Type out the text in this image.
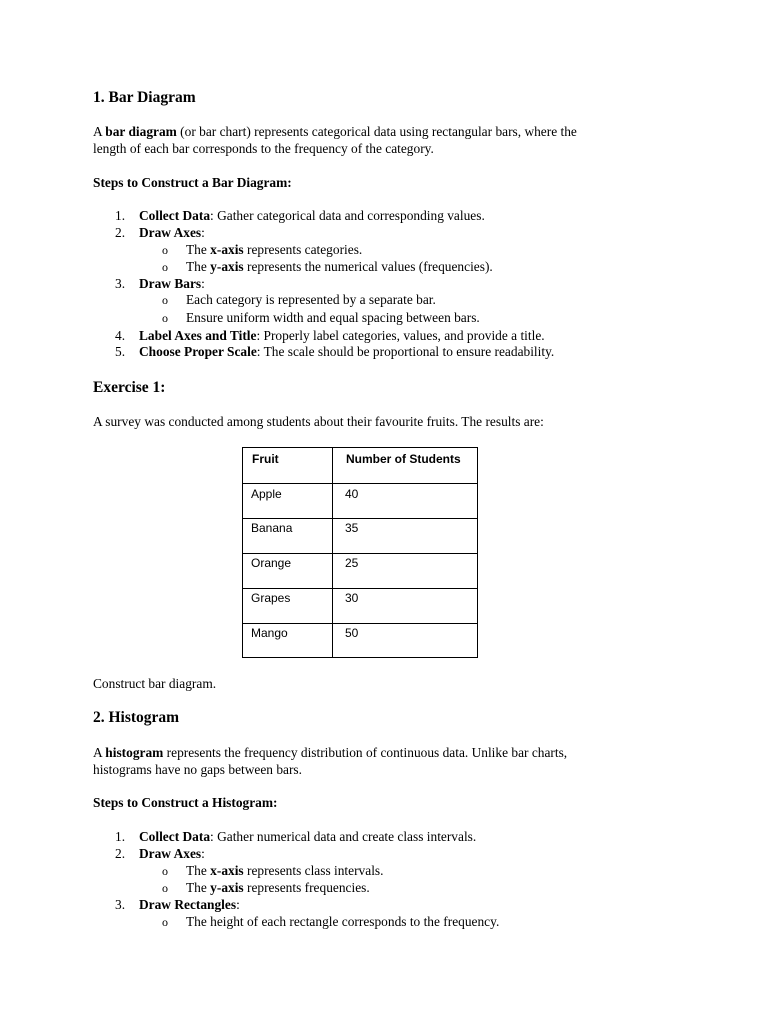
1. Bar Diagram
A bar diagram (or bar chart) represents categorical data using rectangular bars, where the
length of each bar corresponds to the frequency of the category.
Steps to Construct a Bar Diagram:
1. Collect Data: Gather categorical data and corresponding values.
2. Draw Axes:
o The x-axis represents categories.
o The y-axis represents the numerical values (frequencies).
3. Draw Bars:
o Each category is represented by a separate bar.
o Ensure uniform width and equal spacing between bars.
4. Label Axes and Title: Properly label categories, values, and provide a title.
5. Choose Proper Scale: The scale should be proportional to ensure readability.
Exercise 1:
A survey was conducted among students about their favourite fruits. The results are:
Fruit	Number of Students
Apple	40
Banana	35
Orange	25
Grapes	30
Mango	50
Construct bar diagram.
2. Histogram
A histogram represents the frequency distribution of continuous data. Unlike bar charts,
histograms have no gaps between bars.
Steps to Construct a Histogram:
1. Collect Data: Gather numerical data and create class intervals.
2. Draw Axes:
o The x-axis represents class intervals.
o The y-axis represents frequencies.
3. Draw Rectangles:
o The height of each rectangle corresponds to the frequency.
